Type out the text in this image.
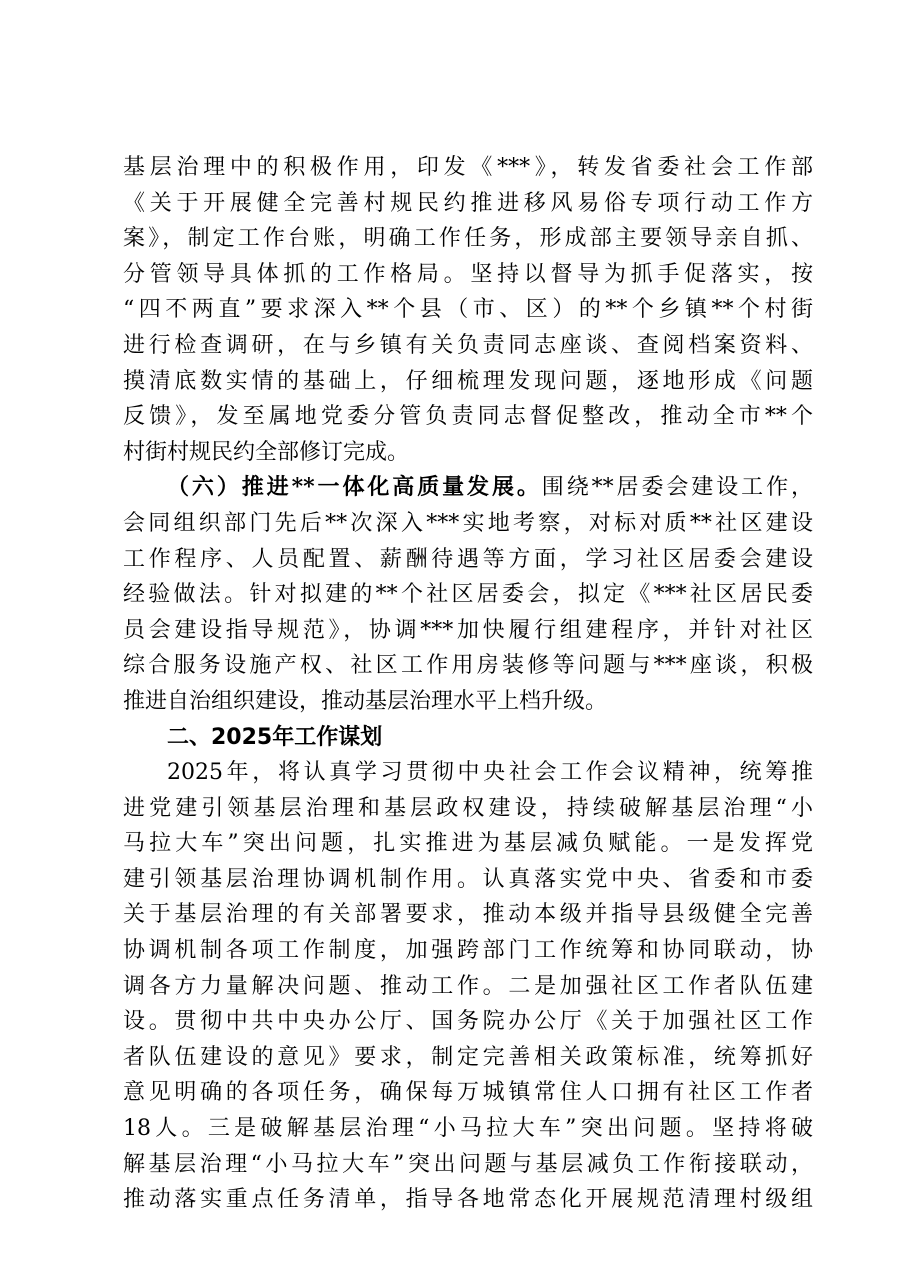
基层治理中的积极作用，印发《***》，转发省委社会工作部
《关于开展健全完善村规民约推进移风易俗专项行动工作方
案》，制定工作台账，明确工作任务，形成部主要领导亲自抓、
分管领导具体抓的工作格局。坚持以督导为抓手促落实，按
“四不两直”要求深入**个县（市、区）的**个乡镇**个村街
进行检查调研，在与乡镇有关负责同志座谈、查阅档案资料、
摸清底数实情的基础上，仔细梳理发现问题，逐地形成《问题
反馈》，发至属地党委分管负责同志督促整改，推动全市**个
村街村规民约全部修订完成。
（六）推进**一体化高质量发展。围绕**居委会建设工作，
会同组织部门先后**次深入***实地考察，对标对质**社区建设
工作程序、人员配置、薪酬待遇等方面，学习社区居委会建设
经验做法。针对拟建的**个社区居委会，拟定《***社区居民委
员会建设指导规范》，协调***加快履行组建程序，并针对社区
综合服务设施产权、社区工作用房装修等问题与***座谈，积极
推进自治组织建设，推动基层治理水平上档升级。
二、2025年工作谋划
2025年，将认真学习贯彻中央社会工作会议精神，统筹推
进党建引领基层治理和基层政权建设，持续破解基层治理“小
马拉大车”突出问题，扎实推进为基层减负赋能。一是发挥党
建引领基层治理协调机制作用。认真落实党中央、省委和市委
关于基层治理的有关部署要求，推动本级并指导县级健全完善
协调机制各项工作制度，加强跨部门工作统筹和协同联动，协
调各方力量解决问题、推动工作。二是加强社区工作者队伍建
设。贯彻中共中央办公厅、国务院办公厅《关于加强社区工作
者队伍建设的意见》要求，制定完善相关政策标准，统筹抓好
意见明确的各项任务，确保每万城镇常住人口拥有社区工作者
18人。三是破解基层治理“小马拉大车”突出问题。坚持将破
解基层治理“小马拉大车”突出问题与基层减负工作衔接联动，
推动落实重点任务清单，指导各地常态化开展规范清理村级组
